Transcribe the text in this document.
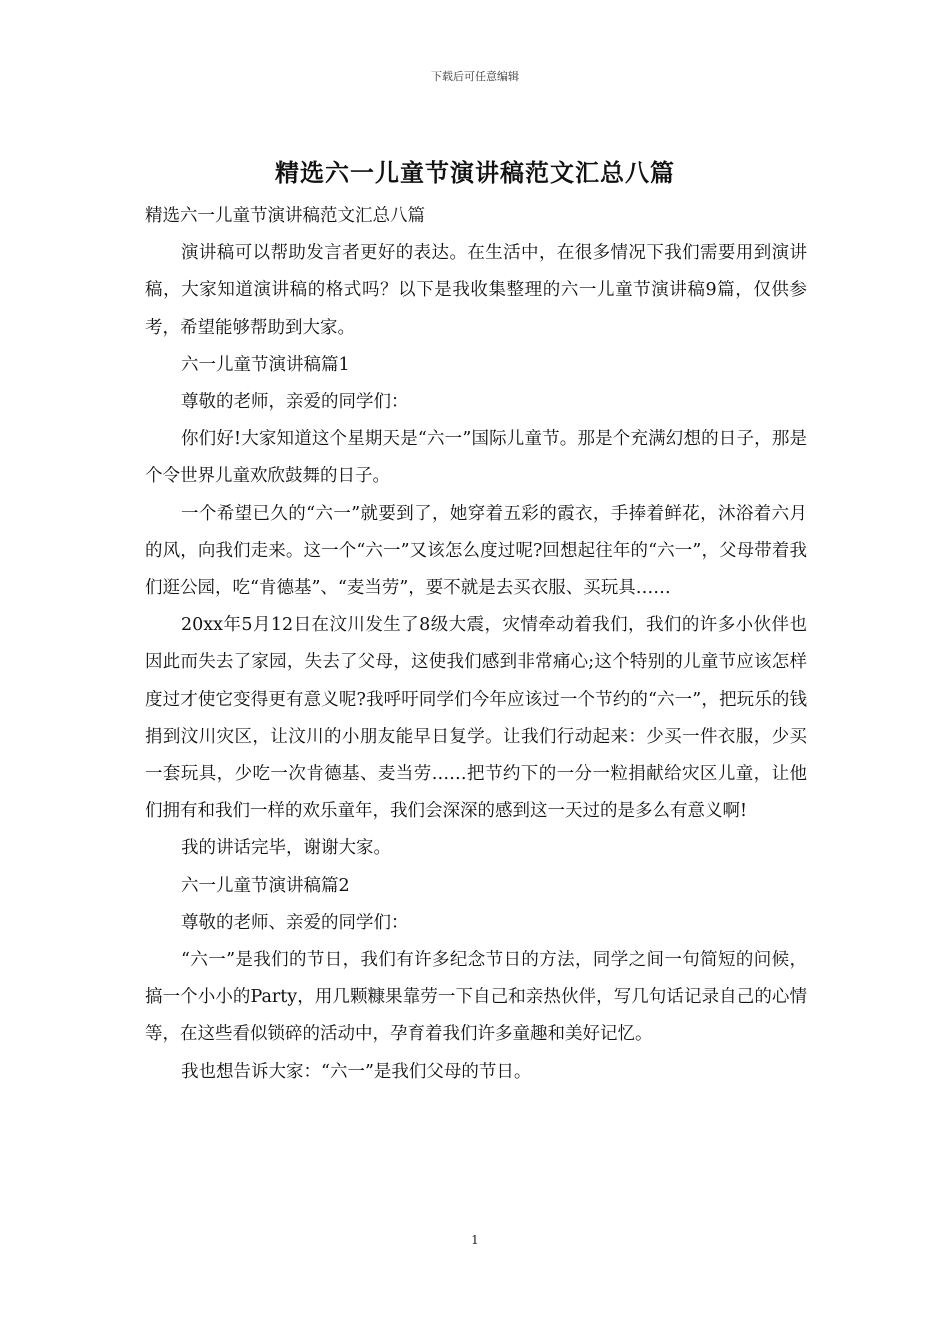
下载后可任意编辑
精选六一儿童节演讲稿范文汇总八篇

精选六一儿童节演讲稿范文汇总八篇

演讲稿可以帮助发言者更好的表达。在生活中，在很多情况下我们需要用到演讲稿，大家知道演讲稿的格式吗？以下是我收集整理的六一儿童节演讲稿9篇，仅供参考，希望能够帮助到大家。

六一儿童节演讲稿篇1

尊敬的老师，亲爱的同学们：

你们好!大家知道这个星期天是“六一”国际儿童节。那是个充满幻想的日子，那是个令世界儿童欢欣鼓舞的日子。

一个希望已久的“六一”就要到了，她穿着五彩的霞衣，手捧着鲜花，沐浴着六月的风，向我们走来。这一个“六一”又该怎么度过呢?回想起往年的“六一”，父母带着我们逛公园，吃“肯德基”、“麦当劳”，要不就是去买衣服、买玩具……

20xx年5月12日在汶川发生了8级大震，灾情牵动着我们，我们的许多小伙伴也因此而失去了家园，失去了父母，这使我们感到非常痛心;这个特别的儿童节应该怎样度过才使它变得更有意义呢?我呼吁同学们今年应该过一个节约的“六一”，把玩乐的钱捐到汶川灾区，让汶川的小朋友能早日复学。让我们行动起来：少买一件衣服，少买一套玩具，少吃一次肯德基、麦当劳……把节约下的一分一粒捐献给灾区儿童，让他们拥有和我们一样的欢乐童年，我们会深深的感到这一天过的是多么有意义啊!

我的讲话完毕，谢谢大家。

六一儿童节演讲稿篇2

尊敬的老师、亲爱的同学们：

“六一”是我们的节日，我们有许多纪念节日的方法，同学之间一句简短的问候，搞一个小小的Party，用几颗糠果靠劳一下自己和亲热伙伴，写几句话记录自己的心情等，在这些看似锁碎的活动中，孕育着我们许多童趣和美好记忆。

我也想告诉大家：“六一”是我们父母的节日。

1
